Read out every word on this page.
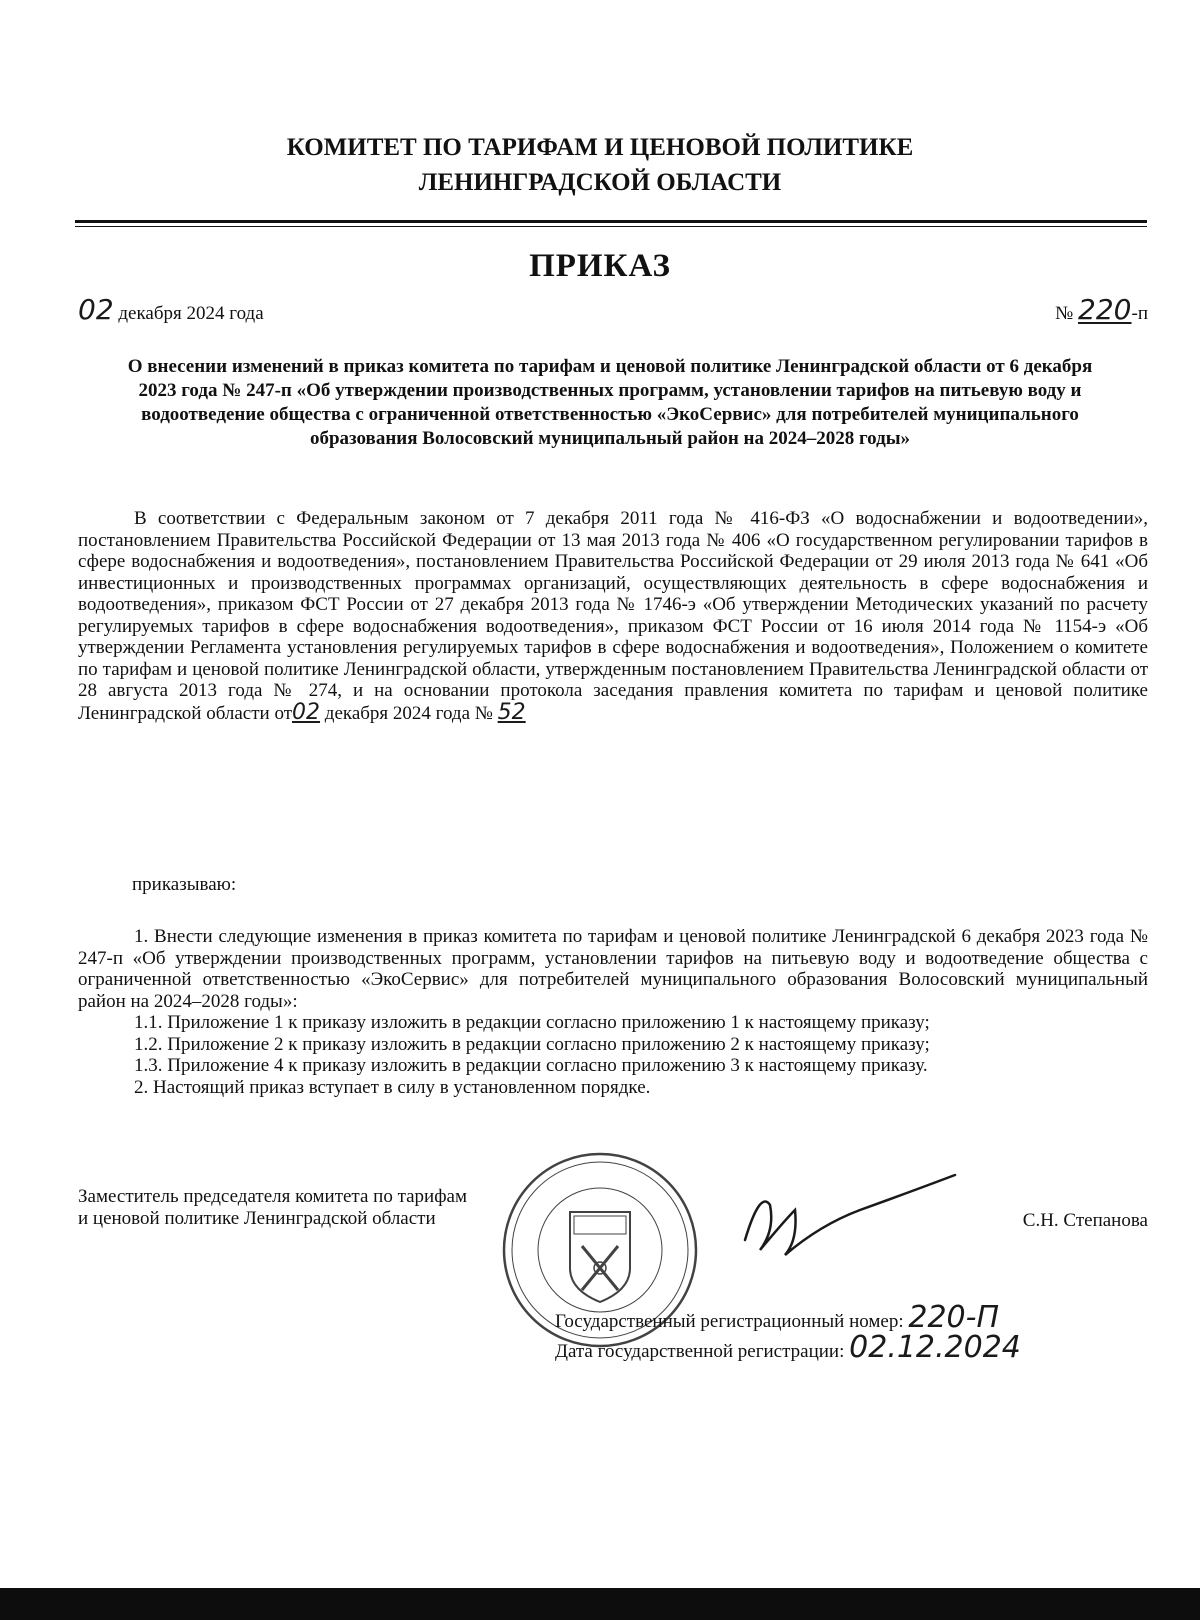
КОМИТЕТ ПО ТАРИФАМ И ЦЕНОВОЙ ПОЛИТИКЕ
ЛЕНИНГРАДСКОЙ ОБЛАСТИ
ПРИКАЗ
02 декабря 2024 года	№ 220-п
О внесении изменений в приказ комитета по тарифам и ценовой политике Ленинградской области от 6 декабря 2023 года № 247-п «Об утверждении производственных программ, установлении тарифов на питьевую воду и водоотведение общества с ограниченной ответственностью «ЭкоСервис» для потребителей муниципального образования Волосовский муниципальный район на 2024–2028 годы»
В соответствии с Федеральным законом от 7 декабря 2011 года № 416-ФЗ «О водоснабжении и водоотведении», постановлением Правительства Российской Федерации от 13 мая 2013 года № 406 «О государственном регулировании тарифов в сфере водоснабжения и водоотведения», постановлением Правительства Российской Федерации от 29 июля 2013 года № 641 «Об инвестиционных и производственных программах организаций, осуществляющих деятельность в сфере водоснабжения и водоотведения», приказом ФСТ России от 27 декабря 2013 года № 1746-э «Об утверждении Методических указаний по расчету регулируемых тарифов в сфере водоснабжения водоотведения», приказом ФСТ России от 16 июля 2014 года № 1154-э «Об утверждении Регламента установления регулируемых тарифов в сфере водоснабжения и водоотведения», Положением о комитете по тарифам и ценовой политике Ленинградской области, утвержденным постановлением Правительства Ленинградской области от 28 августа 2013 года № 274, и на основании протокола заседания правления комитета по тарифам и ценовой политике Ленинградской области от02 декабря 2024 года № 52
приказываю:

1. Внести следующие изменения в приказ комитета по тарифам и ценовой политике Ленинградской 6 декабря 2023 года № 247-п «Об утверждении производственных программ, установлении тарифов на питьевую воду и водоотведение общества с ограниченной ответственностью «ЭкоСервис» для потребителей муниципального образования Волосовский муниципальный район на 2024–2028 годы»:

1.1. Приложение 1 к приказу изложить в редакции согласно приложению 1 к настоящему приказу;

1.2. Приложение 2 к приказу изложить в редакции согласно приложению 2 к настоящему приказу;

1.3. Приложение 4 к приказу изложить в редакции согласно приложению 3 к настоящему приказу.

2. Настоящий приказ вступает в силу в установленном порядке.

Заместитель председателя комитета по тарифам
и ценовой политике Ленинградской области	С.Н. Степанова
Государственный регистрационный номер: 220-П
Дата государственной регистрации: 02.12.2024
